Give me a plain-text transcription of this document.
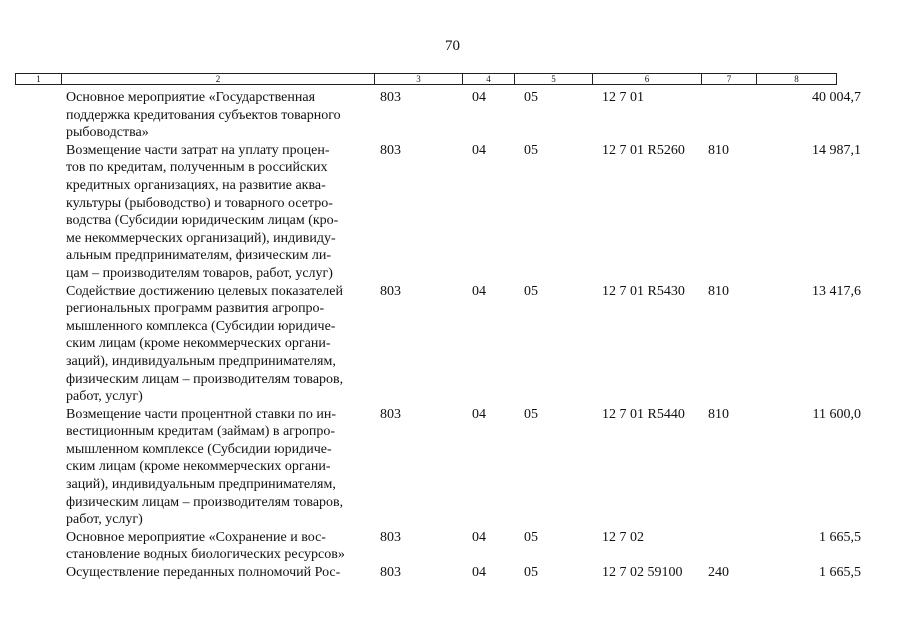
70
1	2	3	4	5	6	7	8
Основное мероприятие «Государственная
поддержка кредитования субъектов товарного
рыбоводства»
803	04	05	12 7 01	40 004,7
Возмещение части затрат на уплату процен-
тов по кредитам, полученным в российских
кредитных организациях, на развитие аква-
культуры (рыбоводство) и товарного осетро-
водства (Субсидии юридическим лицам (кро-
ме некоммерческих организаций), индивиду-
альным предпринимателям, физическим ли-
цам – производителям товаров, работ, услуг)
803	04	05	12 7 01 R5260 810	14 987,1
Содействие достижению целевых показателей
региональных программ развития агропро-
мышленного комплекса (Субсидии юридиче-
ским лицам (кроме некоммерческих органи-
заций), индивидуальным предпринимателям,
физическим лицам – производителям товаров,
работ, услуг)
803	04	05	12 7 01 R5430 810	13 417,6
Возмещение части процентной ставки по ин-
вестиционным кредитам (займам) в агропро-
мышленном комплексе (Субсидии юридиче-
ским лицам (кроме некоммерческих органи-
заций), индивидуальным предпринимателям,
физическим лицам – производителям товаров,
работ, услуг)
803	04	05	12 7 01 R5440 810	11 600,0
Основное мероприятие «Сохранение и вос-
становление водных биологических ресурсов»
803	04	05	12 7 02	1 665,5
Осуществление переданных полномочий Рос-	803	04	05	12 7 02 59100 240	1 665,5
